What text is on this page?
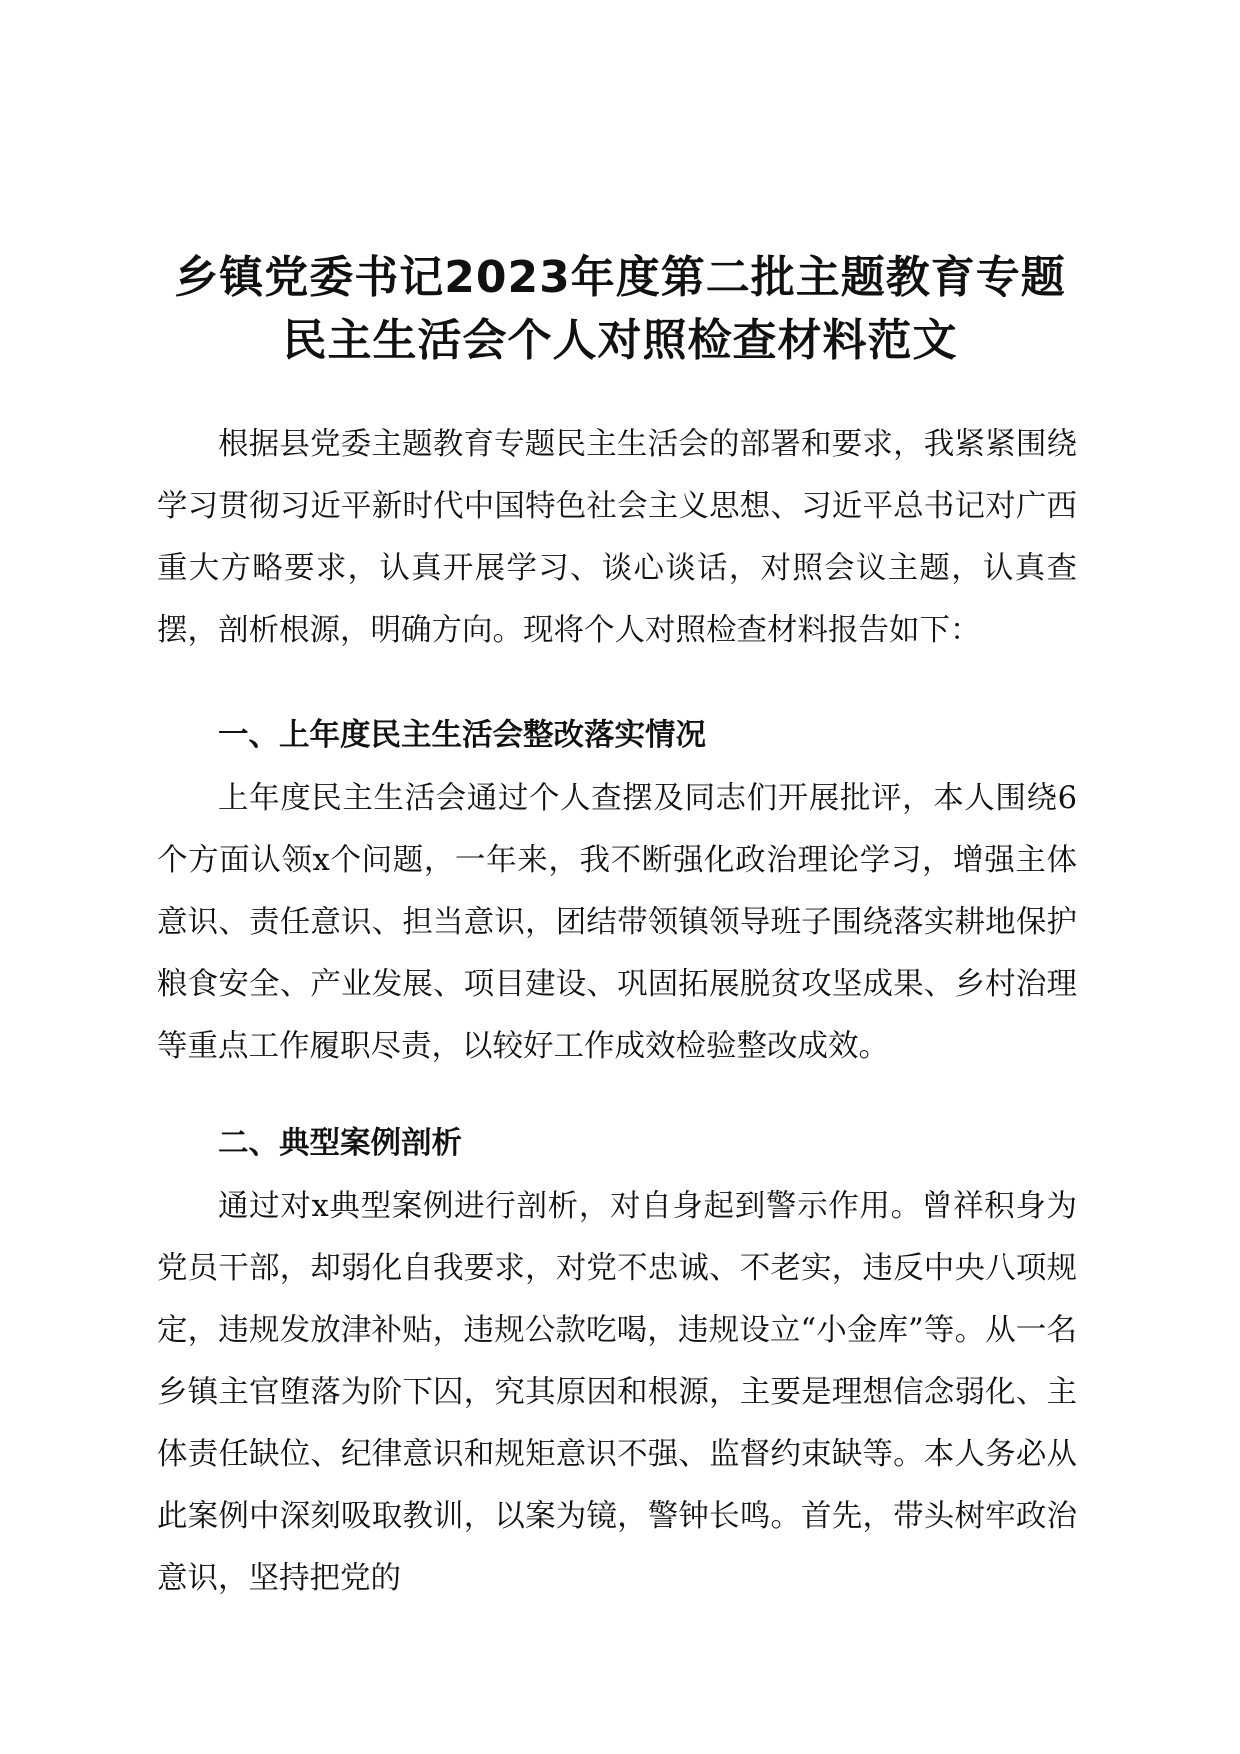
乡镇党委书记2023年度第二批主题教育专题
民主生活会个人对照检查材料范文

根据县党委主题教育专题民主生活会的部署和要求，我紧紧围绕学习贯彻习近平新时代中国特色社会主义思想、习近平总书记对广西重大方略要求，认真开展学习、谈心谈话，对照会议主题，认真查摆，剖析根源，明确方向。现将个人对照检查材料报告如下：

一、上年度民主生活会整改落实情况

上年度民主生活会通过个人查摆及同志们开展批评，本人围绕6个方面认领x个问题，一年来，我不断强化政治理论学习，增强主体意识、责任意识、担当意识，团结带领镇领导班子围绕落实耕地保护粮食安全、产业发展、项目建设、巩固拓展脱贫攻坚成果、乡村治理等重点工作履职尽责，以较好工作成效检验整改成效。

二、典型案例剖析

通过对x典型案例进行剖析，对自身起到警示作用。曾祥积身为党员干部，却弱化自我要求，对党不忠诚、不老实，违反中央八项规定，违规发放津补贴，违规公款吃喝，违规设立“小金库”等。从一名乡镇主官堕落为阶下囚，究其原因和根源，主要是理想信念弱化、主体责任缺位、纪律意识和规矩意识不强、监督约束缺等。本人务必从此案例中深刻吸取教训，以案为镜，警钟长鸣。首先，带头树牢政治意识，坚持把党的
